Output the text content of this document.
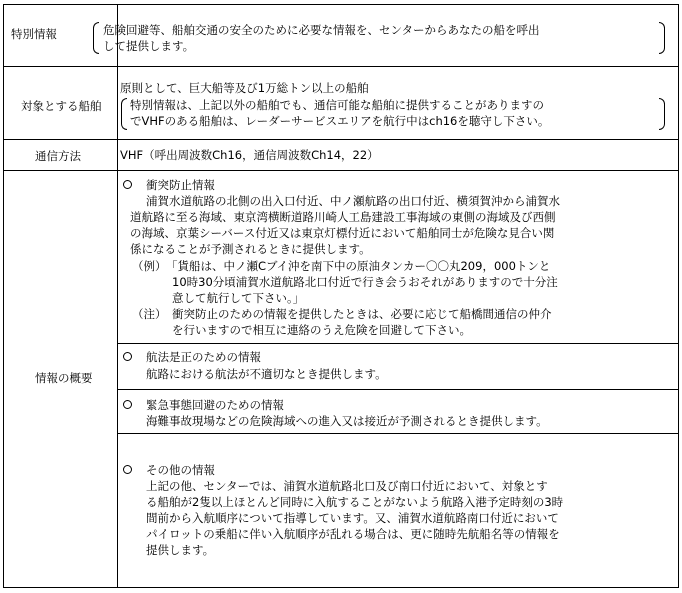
特別情報	危険回避等、船舶交通の安全のために必要な情報を、センターからあなたの船を呼出
して提供します。
対象とする船舶
原則として、巨大船等及び1万総トン以上の船舶
特別情報は、上記以外の船舶でも、通信可能な船舶に提供することがありますの
でVHFのある船舶は、レーダーサービスエリアを航行中はch16を聴守し下さい。
通信方法	VHF（呼出周波数Ch16，通信周波数Ch14，22）
情報の概要
衝突防止情報
浦賀水道航路の北側の出入口付近、中ノ瀬航路の出口付近、横須賀沖から浦賀水
道航路に至る海域、東京湾横断道路川崎人工島建設工事海域の東側の海域及び西側
の海域、京葉シーバース付近又は東京灯標付近において船舶同士が危険な見合い関
係になることが予測されるときに提供します。
（例） 「貨船は、中ノ瀬Cブイ沖を南下中の原油タンカー〇〇丸209，000トンと
10時30分頃浦賀水道航路北口付近で行き会うおそれがありますので十分注
意して航行して下さい。」
（注） 衝突防止のための情報を提供したときは、必要に応じて船橋間通信の仲介
を行いますので相互に連絡のうえ危険を回避して下さい。
航法是正のための情報
航路における航法が不適切なとき提供します。
緊急事態回避のための情報
海難事故現場などの危険海域への進入又は接近が予測されるとき提供します。
その他の情報
上記の他、センターでは、浦賀水道航路北口及び南口付近において、対象とす
る船舶が2隻以上ほとんど同時に入航することがないよう航路入港予定時刻の3時
間前から入航順序について指導しています。又、浦賀水道航路南口付近において
パイロットの乗船に伴い入航順序が乱れる場合は、更に随時先航船名等の情報を
提供します。
